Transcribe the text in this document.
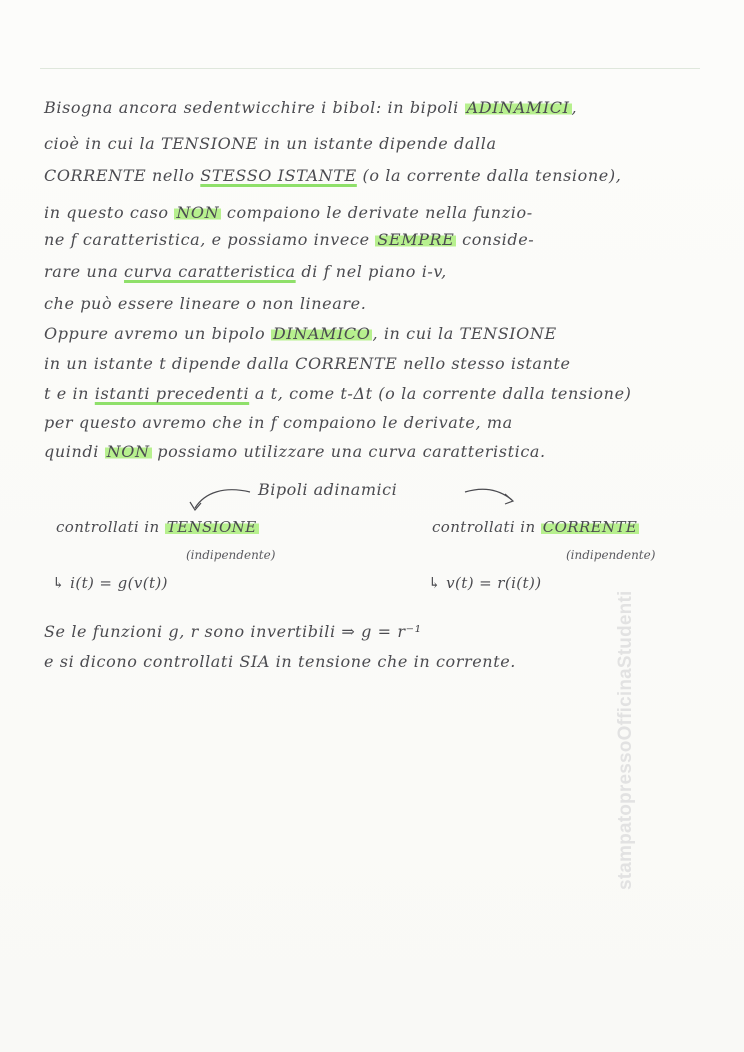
Bisogna ancora sedentwicchire i bibol: in bipoli ADINAMICI ,
cioè in cui la TENSIONE in un istante dipende dalla
CORRENTE nello STESSO ISTANTE (o la corrente dalla tensione),
in questo caso NON compaiono le derivate nella funzio-
ne f caratteristica, e possiamo invece SEMPRE conside-
rare una curva caratteristica di f nel piano i-v,
che può essere lineare o non lineare.
Oppure avremo un bipolo DINAMICO , in cui la TENSIONE
in un istante t dipende dalla CORRENTE nello stesso istante
t e in istanti precedenti a t, come t-Δt (o la corrente dalla tensione)
per questo avremo che in f compaiono le derivate, ma
quindi NON possiamo utilizzare una curva caratteristica.
Bipoli adinamici
controllati in TENSIONE
(indipendente)
↳ i(t) = g(v(t))
controllati in CORRENTE
(indipendente)
↳ v(t) = r(i(t))
Se le funzioni g, r sono invertibili ⇒ g = r⁻¹
e si dicono controllati SIA in tensione che in corrente.	stampatopressoOfficinaStudenti
